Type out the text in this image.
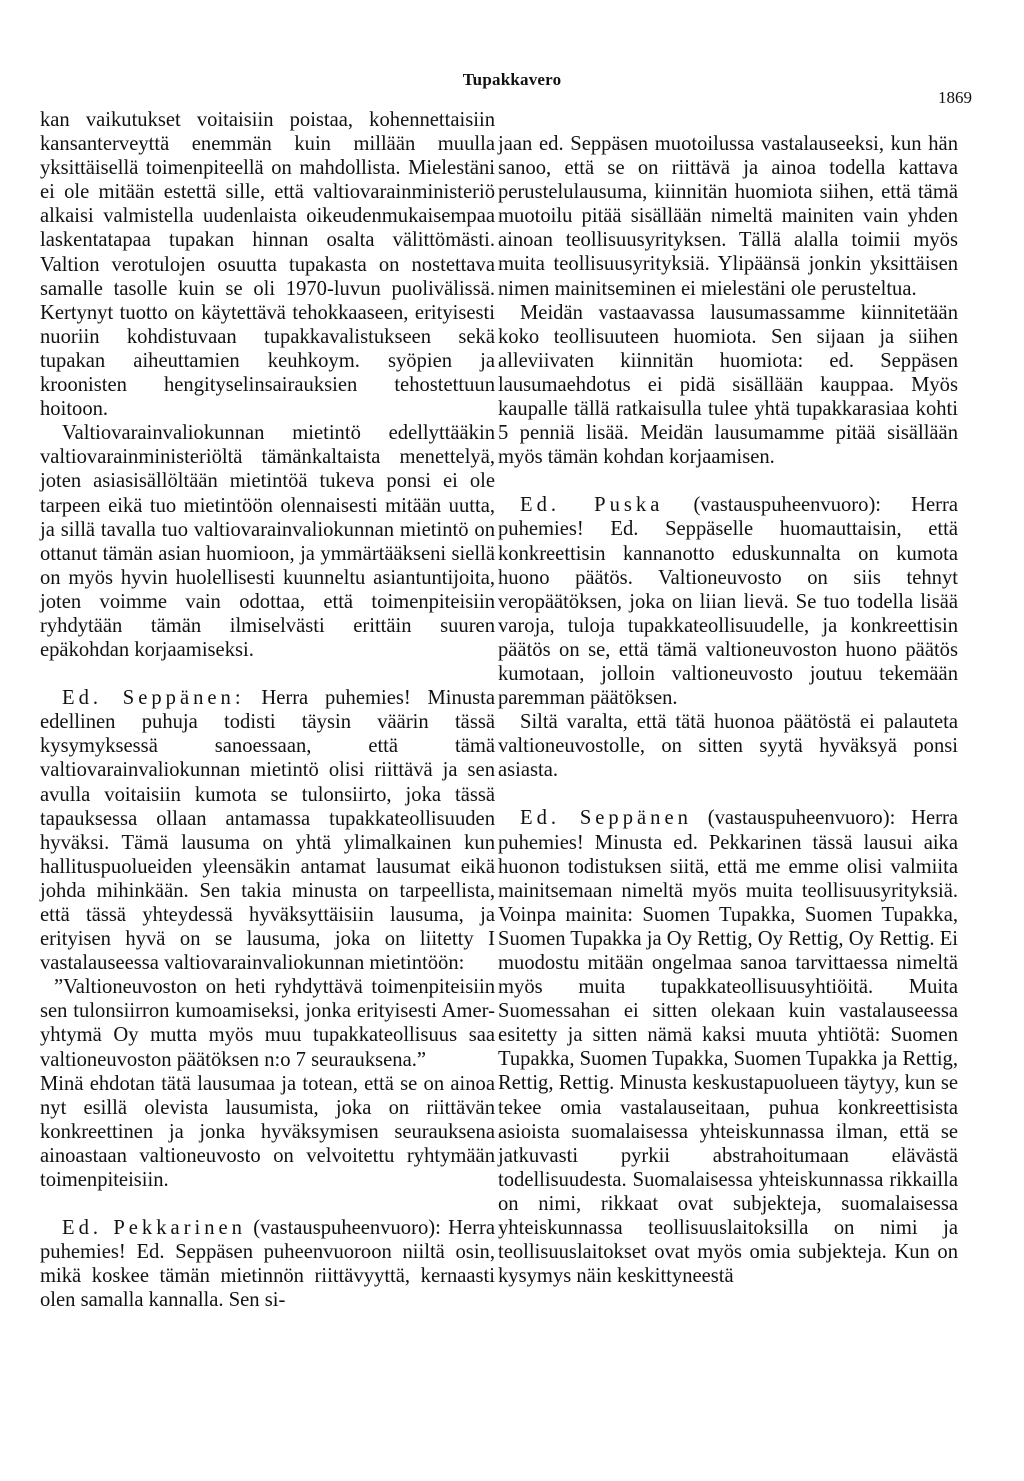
Tupakkavero
1869

kan vaikutukset voitaisiin poistaa, kohennettaisiin kansanterveyttä enemmän kuin millään muulla yksittäisellä toimenpiteellä on mahdollista. Mielestäni ei ole mitään estettä sille, että valtiovarainministeriö alkaisi valmistella uudenlaista oikeudenmukaisempaa laskentatapaa tupakan hinnan osalta välittömästi. Valtion verotulojen osuutta tupakasta on nostettava samalle tasolle kuin se oli 1970-luvun puolivälissä. Kertynyt tuotto on käytettävä tehokkaaseen, erityisesti nuoriin kohdistuvaan tupakkavalistukseen sekä tupakan aiheuttamien keuhkoym. syöpien ja kroonisten hengityselinsairauksien tehostettuun hoitoon.

Valtiovarainvaliokunnan mietintö edellyttääkin valtiovarainministeriöltä tämänkaltaista menettelyä, joten asiasisällöltään mietintöä tukeva ponsi ei ole tarpeen eikä tuo mietintöön olennaisesti mitään uutta, ja sillä tavalla tuo valtiovarainvaliokunnan mietintö on ottanut tämän asian huomioon, ja ymmärtääkseni siellä on myös hyvin huolellisesti kuunneltu asiantuntijoita, joten voimme vain odottaa, että toimenpiteisiin ryhdytään tämän ilmiselvästi erittäin suuren epäkohdan korjaamiseksi.

Ed. Seppänen: Herra puhemies! Minusta edellinen puhuja todisti täysin väärin tässä kysymyksessä sanoessaan, että tämä valtiovarainvaliokunnan mietintö olisi riittävä ja sen avulla voitaisiin kumota se tulonsiirto, joka tässä tapauksessa ollaan antamassa tupakkateollisuuden hyväksi. Tämä lausuma on yhtä ylimalkainen kun hallituspuolueiden yleensäkin antamat lausumat eikä johda mihinkään. Sen takia minusta on tarpeellista, että tässä yhteydessä hyväksyttäisiin lausuma, ja erityisen hyvä on se lausuma, joka on liitetty I vastalauseessa valtiovarainvaliokunnan mietintöön:

”Valtioneuvoston on heti ryhdyttävä toimenpiteisiin sen tulonsiirron kumoamiseksi, jonka erityisesti Amer-yhtymä Oy mutta myös muu tupakkateollisuus saa valtioneuvoston päätöksen n:o 7 seurauksena.”

Minä ehdotan tätä lausumaa ja totean, että se on ainoa nyt esillä olevista lausumista, joka on riittävän konkreettinen ja jonka hyväksymisen seurauksena ainoastaan valtioneuvosto on velvoitettu ryhtymään toimenpiteisiin.

Ed. Pekkarinen (vastauspuheenvuoro): Herra puhemies! Ed. Seppäsen puheenvuoroon niiltä osin, mikä koskee tämän mietinnön riittävyyttä, kernaasti olen samalla kannalla. Sen si-

jaan ed. Seppäsen muotoilussa vastalauseeksi, kun hän sanoo, että se on riittävä ja ainoa todella kattava perustelulausuma, kiinnitän huomiota siihen, että tämä muotoilu pitää sisällään nimeltä mainiten vain yhden ainoan teollisuusyrityksen. Tällä alalla toimii myös muita teollisuusyrityksiä. Ylipäänsä jonkin yksittäisen nimen mainitseminen ei mielestäni ole perusteltua.

Meidän vastaavassa lausumassamme kiinnitetään koko teollisuuteen huomiota. Sen sijaan ja siihen alleviivaten kiinnitän huomiota: ed. Seppäsen lausumaehdotus ei pidä sisällään kauppaa. Myös kaupalle tällä ratkaisulla tulee yhtä tupakkarasiaa kohti 5 penniä lisää. Meidän lausumamme pitää sisällään myös tämän kohdan korjaamisen.

Ed. Puska (vastauspuheenvuoro): Herra puhemies! Ed. Seppäselle huomauttaisin, että konkreettisin kannanotto eduskunnalta on kumota huono päätös. Valtioneuvosto on siis tehnyt veropäätöksen, joka on liian lievä. Se tuo todella lisää varoja, tuloja tupakkateollisuudelle, ja konkreettisin päätös on se, että tämä valtioneuvoston huono päätös kumotaan, jolloin valtioneuvosto joutuu tekemään paremman päätöksen.

Siltä varalta, että tätä huonoa päätöstä ei palauteta valtioneuvostolle, on sitten syytä hyväksyä ponsi asiasta.

Ed. Seppänen (vastauspuheenvuoro): Herra puhemies! Minusta ed. Pekkarinen tässä lausui aika huonon todistuksen siitä, että me emme olisi valmiita mainitsemaan nimeltä myös muita teollisuusyrityksiä. Voinpa mainita: Suomen Tupakka, Suomen Tupakka, Suomen Tupakka ja Oy Rettig, Oy Rettig, Oy Rettig. Ei muodostu mitään ongelmaa sanoa tarvittaessa nimeltä myös muita tupakkateollisuusyhtiöitä. Muita Suomessahan ei sitten olekaan kuin vastalauseessa esitetty ja sitten nämä kaksi muuta yhtiötä: Suomen Tupakka, Suomen Tupakka, Suomen Tupakka ja Rettig, Rettig, Rettig. Minusta keskustapuolueen täytyy, kun se tekee omia vastalauseitaan, puhua konkreettisista asioista suomalaisessa yhteiskunnassa ilman, että se jatkuvasti pyrkii abstrahoitumaan elävästä todellisuudesta. Suomalaisessa yhteiskunnassa rikkailla on nimi, rikkaat ovat subjekteja, suomalaisessa yhteiskunnassa teollisuuslaitoksilla on nimi ja teollisuuslaitokset ovat myös omia subjekteja. Kun on kysymys näin keskittyneestä
